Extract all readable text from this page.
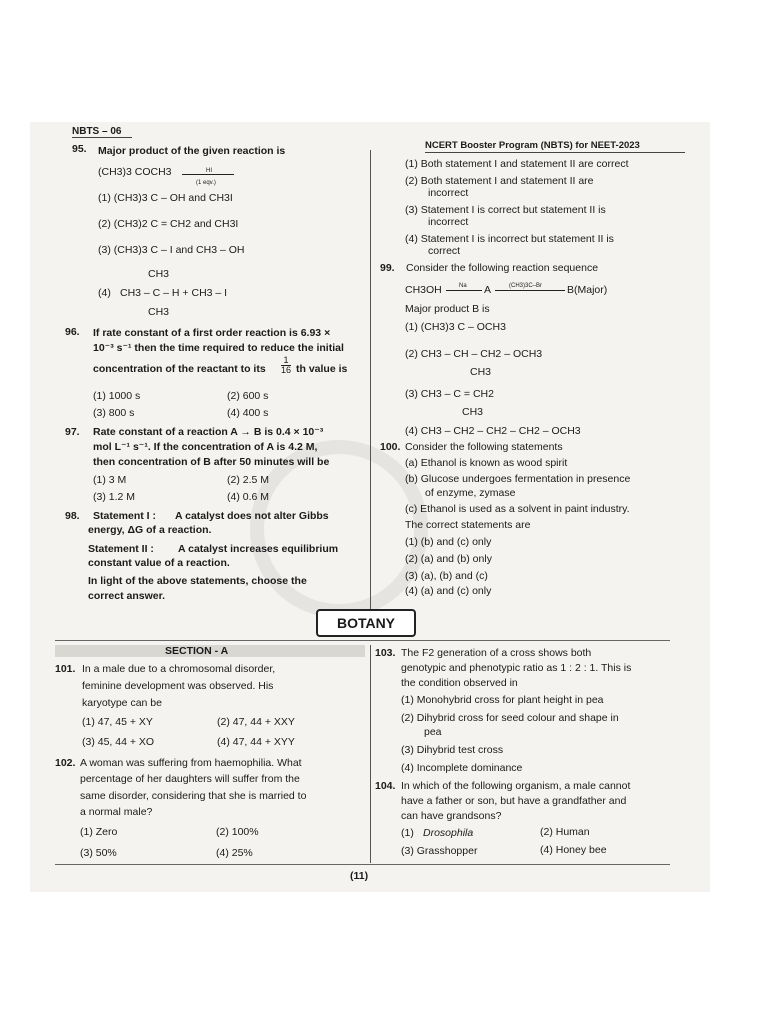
NBTS – 06
NCERT Booster Program (NBTS) for NEET-2023
95. Major product of the given reaction is
(CH3)3 COCH3	HI
(1 eqv.)
(1) (CH3)3 C – OH and CH3I
(2) (CH3)2 C = CH2 and CH3I
(3) (CH3)3 C – I and CH3 – OH
CH3
(4) CH3 – C – H + CH3 – I
CH3
96. If rate constant of a first order reaction is 6.93 ×
10⁻³ s⁻¹ then the time required to reduce the initial
concentration of the reactant to its $\frac{1}{16}$ th value is
(1) 1000 s	(2) 600 s
(3) 800 s	(4) 400 s
97. Rate constant of a reaction A → B is 0.4 × 10⁻³
mol L⁻¹ s⁻¹. If the concentration of A is 4.2 M,
then concentration of B after 50 minutes will be
(1) 3 M	(2) 2.5 M
(3) 1.2 M	(4) 0.6 M
98. Statement I : A catalyst does not alter Gibbs
energy, ΔG of a reaction.
Statement II : A catalyst increases equilibrium
constant value of a reaction.
In light of the above statements, choose the
correct answer.
(1) Both statement I and statement II are correct
(2) Both statement I and statement II are
incorrect
(3) Statement I is correct but statement II is
incorrect
(4) Statement I is incorrect but statement II is
correct
99. Consider the following reaction sequence
CH3OH	Na A	(CH3)3C–Br B(Major)
Major product B is
(1) (CH3)3 C – OCH3
(2) CH3 – CH – CH2 – OCH3
CH3
(3) CH3 – C = CH2
CH3
(4) CH3 – CH2 – CH2 – CH2 – OCH3
100. Consider the following statements
(a) Ethanol is known as wood spirit
(b) Glucose undergoes fermentation in presence
of enzyme, zymase
(c) Ethanol is used as a solvent in paint industry.
The correct statements are
(1) (b) and (c) only
(2) (a) and (b) only
(3) (a), (b) and (c)
(4) (a) and (c) only
BOTANY
SECTION - A
101. In a male due to a chromosomal disorder,
feminine development was observed. His
karyotype can be
(1) 47, 45 + XY	(2) 47, 44 + XXY
(3) 45, 44 + XO	(4) 47, 44 + XYY
102. A woman was suffering from haemophilia. What
percentage of her daughters will suffer from the
same disorder, considering that she is married to
a normal male?
(1) Zero	(2) 100%
(3) 50%	(4) 25%
103. The F2 generation of a cross shows both
genotypic and phenotypic ratio as 1 : 2 : 1. This is
the condition observed in
(1) Monohybrid cross for plant height in pea
(2) Dihybrid cross for seed colour and shape in
pea
(3) Dihybrid test cross
(4) Incomplete dominance
104. In which of the following organism, a male cannot
have a father or son, but have a grandfather and
can have grandsons?
(1) Drosophila	(2) Human
(3) Grasshopper	(4) Honey bee
(11)
